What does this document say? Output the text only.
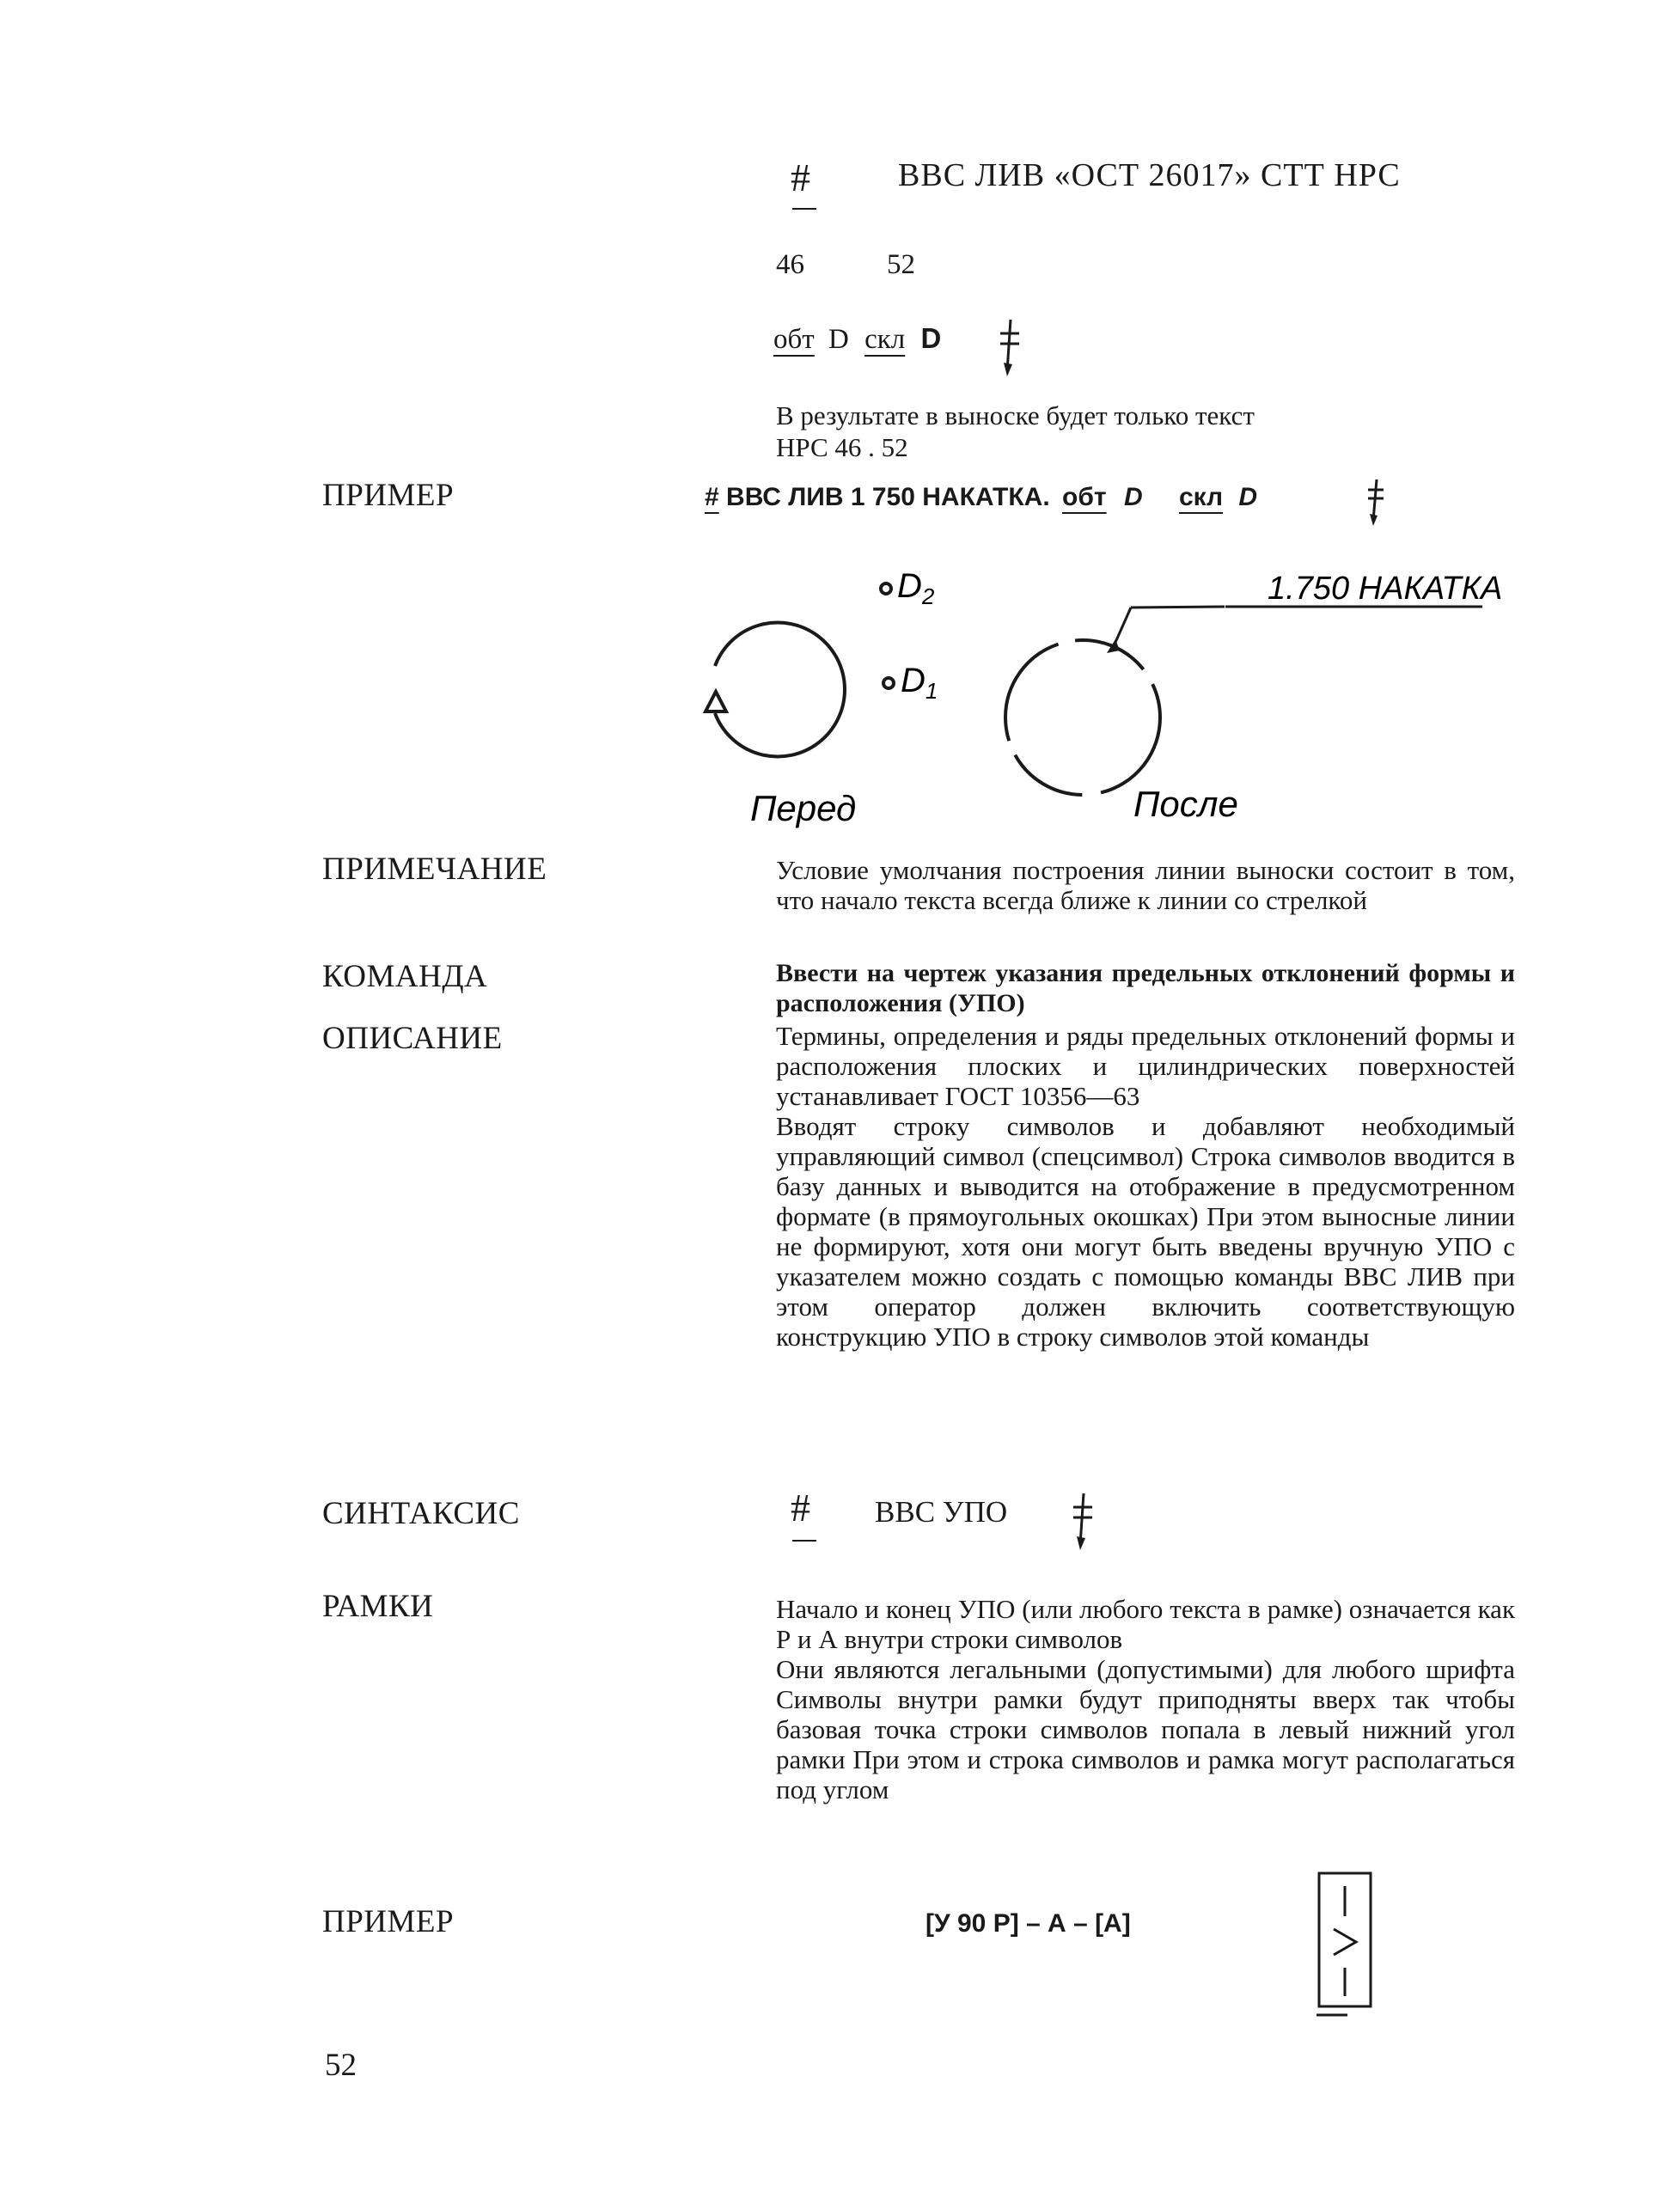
#	ВВС ЛИВ «ОСТ 26017» СТТ НРС
46	52
обт D скл D
В результате в выноске будет только текст
НРС 46 . 52
ПРИМЕР	# ВВС ЛИВ 1 750 НАКАТКА. обт D скл D
$D_2$
$D_1$
1.750 НАКАТКА
Перед	После
ПРИМЕЧАНИЕ	Условие умолчания построения линии выноски состоит в том, что начало текста всегда ближе к линии со стрелкой

КОМАНДА	Ввести на чертеж указания предельных отклонений формы и расположения (УПО)

ОПИСАНИЕ	Термины, определения и ряды предельных отклонений формы и расположения плоских и цилиндрических поверхностей устанавливает ГОСТ 10356—63

Вводят строку символов и добавляют необходимый управляющий символ (спецсимвол) Строка символов вводится в базу данных и выводится на отображение в предусмотренном формате (в прямоугольных окошках) При этом выносные линии не формируют, хотя они могут быть введены вручную УПО с указателем можно создать с помощью команды ВВС ЛИВ при этом оператор должен включить соответствующую конструкцию УПО в строку символов этой команды

СИНТАКСИС	# ВВС УПО
РАМКИ	Начало и конец УПО (или любого текста в рамке) означается как Р и А внутри строки символов

Они являются легальными (допустимыми) для любого шрифта Символы внутри рамки будут приподняты вверх так чтобы базовая точка строки символов попала в левый нижний угол рамки При этом и строка символов и рамка могут располагаться под углом

ПРИМЕР	[У 90 Р] – А – [А]
52
